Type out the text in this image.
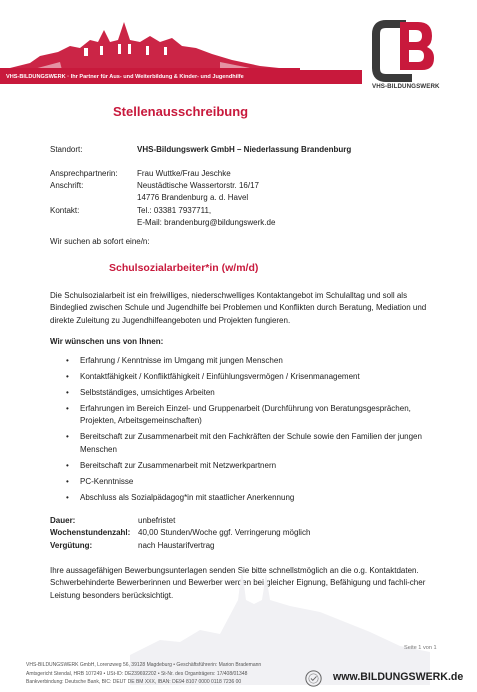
VHS-BILDUNGSWERK · Ihr Partner für Aus- und Weiterbildung & Kinder- und Jugendhilfe
VHS-BILDUNGSWERK
Stellenausschreibung
Standort:	VHS-Bildungswerk GmbH – Niederlassung Brandenburg
Ansprechpartnerin: Frau Wuttke/Frau Jeschke
Anschrift:	Neustädtische Wassertorstr. 16/17
14776 Brandenburg a. d. Havel
Kontakt:	Tel.: 03381 7937711,
E-Mail: brandenburg@bildungswerk.de
Wir suchen ab sofort eine/n:
Schulsozialarbeiter*in (w/m/d)

Die Schulsozialarbeit ist ein freiwilliges, niederschwelliges Kontaktangebot im Schulalltag und soll als Bindeglied zwischen Schule und Jugendhilfe bei Problemen und Konflikten durch Beratung, Mediation und direkte Zuleitung zu Jugendhilfeangeboten und Projekten fungieren.

Wir wünschen uns von Ihnen:
• Erfahrung / Kenntnisse im Umgang mit jungen Menschen
• Kontaktfähigkeit / Konfliktfähigkeit / Einfühlungsvermögen / Krisenmanagement
• Selbstständiges, umsichtiges Arbeiten
• Erfahrungen im Bereich Einzel- und Gruppenarbeit (Durchführung von Beratungsgesprächen, Projekten, Arbeitsgemeinschaften)
• Bereitschaft zur Zusammenarbeit mit den Fachkräften der Schule sowie den Familien der jungen Menschen
• Bereitschaft zur Zusammenarbeit mit Netzwerkpartnern
• PC-Kenntnisse
• Abschluss als Sozialpädagog*in mit staatlicher Anerkennung
Dauer:	unbefristet
Wochenstundenzahl: 40,00 Stunden/Woche ggf. Verringerung möglich
Vergütung:	nach Haustarifvertrag
Ihre aussagefähigen Bewerbungsunterlagen senden Sie bitte schnellstmöglich an die o.g. Kontaktdaten. Schwerbehinderte Bewerberinnen und Bewerber werden bei gleicher Eignung, Befähigung und fachli-cher Leistung besonders berücksichtigt.
Seite 1 von 1
VHS-BILDUNGSWERK GmbH, Lorenzweg 56, 39128 Magdeburg • Geschäftsführerin: Marion Brademann
Amtsgericht Stendal, HRB 107249 • USt-ID: DE239692202 • St-Nr. des Organträgers: 17/408/01348
Bankverbindung: Deutsche Bank, BIC: DEUT DE BM XXX, IBAN: DE94 8107 0000 0118 7236 00	www.BILDUNGSWERK.de
